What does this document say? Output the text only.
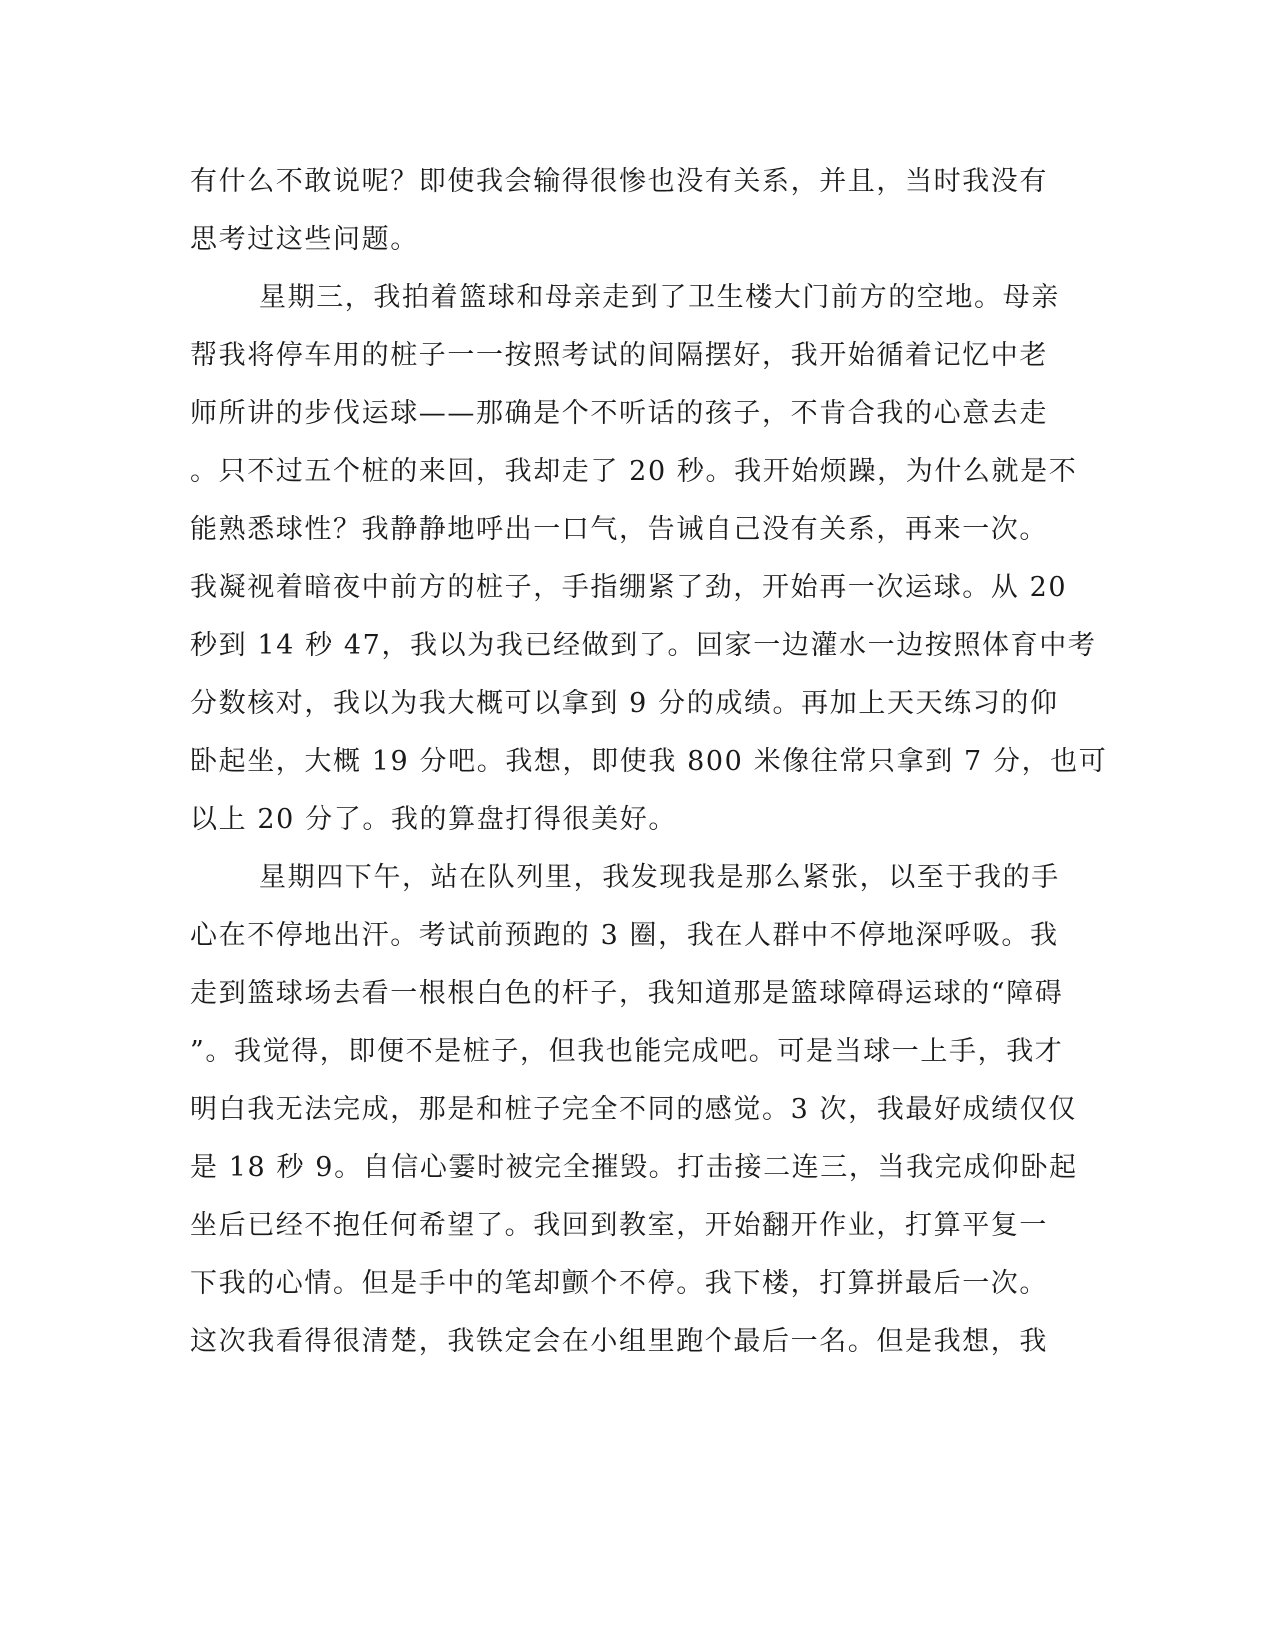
有什么不敢说呢？即使我会输得很惨也没有关系，并且，当时我没有
思考过这些问题。
星期三，我拍着篮球和母亲走到了卫生楼大门前方的空地。母亲
帮我将停车用的桩子一一按照考试的间隔摆好，我开始循着记忆中老
师所讲的步伐运球——那确是个不听话的孩子，不肯合我的心意去走
。只不过五个桩的来回，我却走了 20 秒。我开始烦躁，为什么就是不
能熟悉球性？我静静地呼出一口气，告诫自己没有关系，再来一次。
我凝视着暗夜中前方的桩子，手指绷紧了劲，开始再一次运球。从 20
秒到 14 秒 47，我以为我已经做到了。回家一边灌水一边按照体育中考
分数核对，我以为我大概可以拿到 9 分的成绩。再加上天天练习的仰
卧起坐，大概 19 分吧。我想，即使我 800 米像往常只拿到 7 分，也可
以上 20 分了。我的算盘打得很美好。
星期四下午，站在队列里，我发现我是那么紧张，以至于我的手
心在不停地出汗。考试前预跑的 3 圈，我在人群中不停地深呼吸。我
走到篮球场去看一根根白色的杆子，我知道那是篮球障碍运球的“障碍
”。我觉得，即便不是桩子，但我也能完成吧。可是当球一上手，我才
明白我无法完成，那是和桩子完全不同的感觉。3 次，我最好成绩仅仅
是 18 秒 9。自信心霎时被完全摧毁。打击接二连三，当我完成仰卧起
坐后已经不抱任何希望了。我回到教室，开始翻开作业，打算平复一
下我的心情。但是手中的笔却颤个不停。我下楼，打算拼最后一次。
这次我看得很清楚，我铁定会在小组里跑个最后一名。但是我想，我
